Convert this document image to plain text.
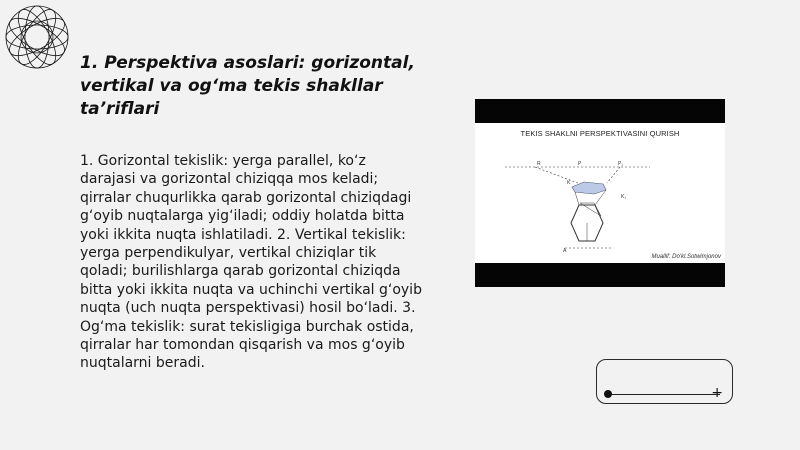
1. Perspektiva asoslari: gorizontal, vertikal va og‘ma tekis shakllar ta’riflari

1. Gorizontal tekislik: yerga parallel, ko‘z darajasi va gorizontal chiziqqa mos keladi; qirralar chuqurlikka qarab gorizontal chiziqdagi g‘oyib nuqtalarga yig‘iladi; oddiy holatda bitta yoki ikkita nuqta ishlatiladi. 2. Vertikal tekislik: yerga perpendikulyar, vertikal chiziqlar tik qoladi; burilishlarga qarab gorizontal chiziqda bitta yoki ikkita nuqta va uchinchi vertikal g‘oyib nuqta (uch nuqta perspektivasi) hosil bo‘ladi. 3. Og‘ma tekislik: surat tekisligiga burchak ostida, qirralar har tomondan qisqarish va mos g‘oyib nuqtalarni beradi.

TEKIS SHAKLNI PERSPEKTIVASINI QURISH
R	P	P₁
K
K₁
A
Muallif: Do'kl.Sotwimjonov
+
